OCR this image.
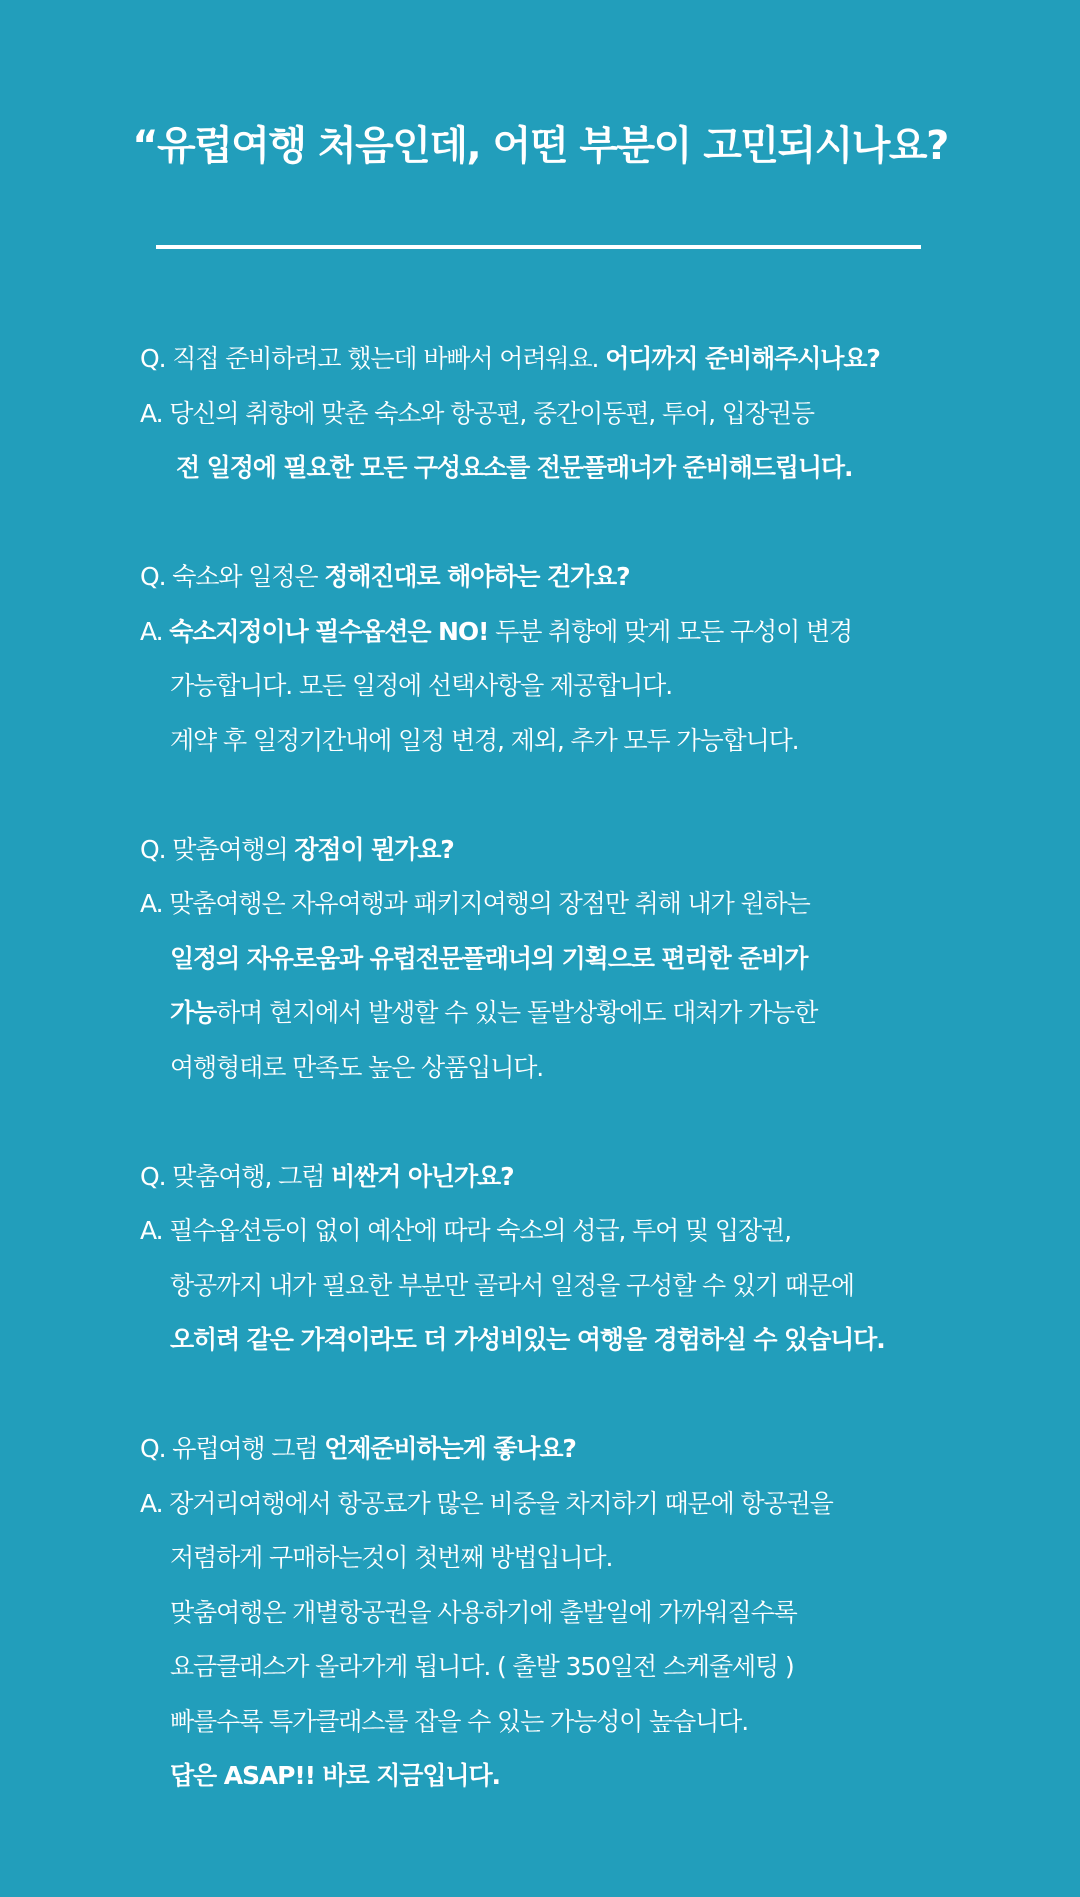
“유럽여행 처음인데, 어떤 부분이 고민되시나요?
Q. 직접 준비하려고 했는데 바빠서 어려워요. 어디까지 준비해주시나요?
A. 당신의 취향에 맞춘 숙소와 항공편, 중간이동편, 투어, 입장권등
전 일정에 필요한 모든 구성요소를 전문플래너가 준비해드립니다.
Q. 숙소와 일정은 정해진대로 해야하는 건가요?
A. 숙소지정이나 필수옵션은 NO! 두분 취향에 맞게 모든 구성이 변경
가능합니다. 모든 일정에 선택사항을 제공합니다.
계약 후 일정기간내에 일정 변경, 제외, 추가 모두 가능합니다.
Q. 맞춤여행의 장점이 뭔가요?
A. 맞춤여행은 자유여행과 패키지여행의 장점만 취해 내가 원하는
일정의 자유로움과 유럽전문플래너의 기획으로 편리한 준비가
가능하며 현지에서 발생할 수 있는 돌발상황에도 대처가 가능한
여행형태로 만족도 높은 상품입니다.
Q. 맞춤여행, 그럼 비싼거 아닌가요?
A. 필수옵션등이 없이 예산에 따라 숙소의 성급, 투어 및 입장권,
항공까지 내가 필요한 부분만 골라서 일정을 구성할 수 있기 때문에
오히려 같은 가격이라도 더 가성비있는 여행을 경험하실 수 있습니다.
Q. 유럽여행 그럼 언제준비하는게 좋나요?
A. 장거리여행에서 항공료가 많은 비중을 차지하기 때문에 항공권을
저렴하게 구매하는것이 첫번째 방법입니다.
맞춤여행은 개별항공권을 사용하기에 출발일에 가까워질수록
요금클래스가 올라가게 됩니다. ( 출발 350일전 스케줄세팅 )
빠를수록 특가클래스를 잡을 수 있는 가능성이 높습니다.
답은 ASAP!! 바로 지금입니다.
